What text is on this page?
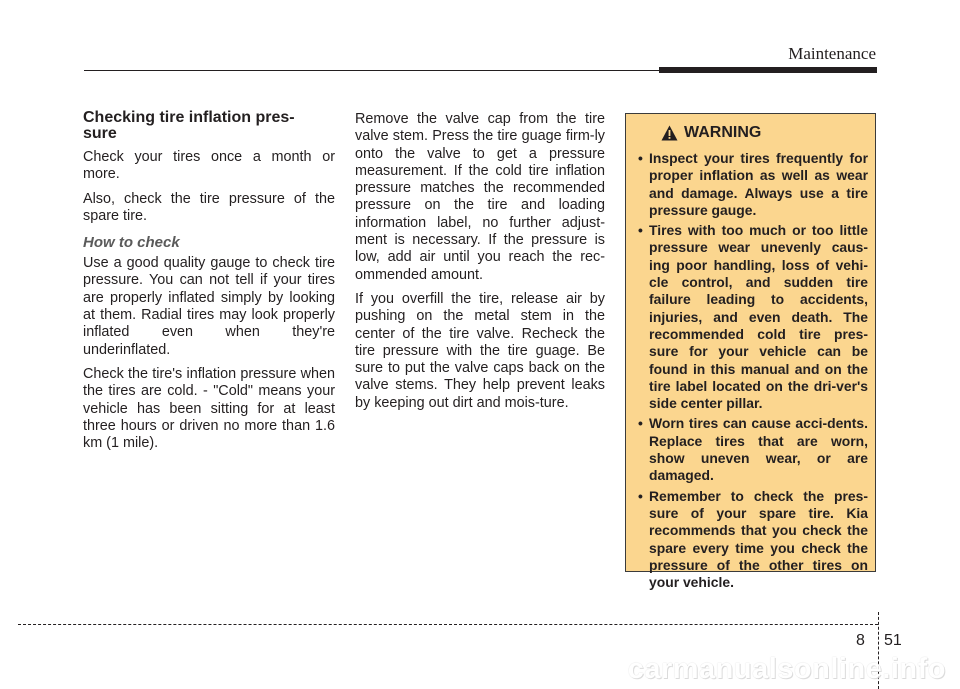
Maintenance
Checking tire inflation pres-
sure

Check your tires once a month or more.

Also, check the tire pressure of the spare tire.

How to check

Use a good quality gauge to check tire pressure. You can not tell if your tires are properly inflated simply by looking at them. Radial tires may look properly inflated even when they're underinflated.

Check the tire's inflation pressure when the tires are cold. - "Cold" means your vehicle has been sitting for at least three hours or driven no more than 1.6 km (1 mile).

Remove the valve cap from the tire valve stem. Press the tire guage firm-ly onto the valve to get a pressure measurement. If the cold tire inflation pressure matches the recommended pressure on the tire and loading information label, no further adjust-ment is necessary. If the pressure is low, add air until you reach the rec-ommended amount.

If you overfill the tire, release air by pushing on the metal stem in the center of the tire valve. Recheck the tire pressure with the tire guage. Be sure to put the valve caps back on the valve stems. They help prevent leaks by keeping out dirt and mois-ture.

WARNING
• Inspect your tires frequently for proper inflation as well as wear and damage. Always use a tire pressure gauge.
• Tires with too much or too little pressure wear unevenly caus-ing poor handling, loss of vehi-cle control, and sudden tire failure leading to accidents, injuries, and even death. The recommended cold tire pres-sure for your vehicle can be found in this manual and on the tire label located on the dri-ver's side center pillar.
• Worn tires can cause acci-dents. Replace tires that are worn, show uneven wear, or are damaged.
• Remember to check the pres-sure of your spare tire. Kia recommends that you check the spare every time you check the pressure of the other tires on your vehicle.
8 51
carmanualsonline.info
